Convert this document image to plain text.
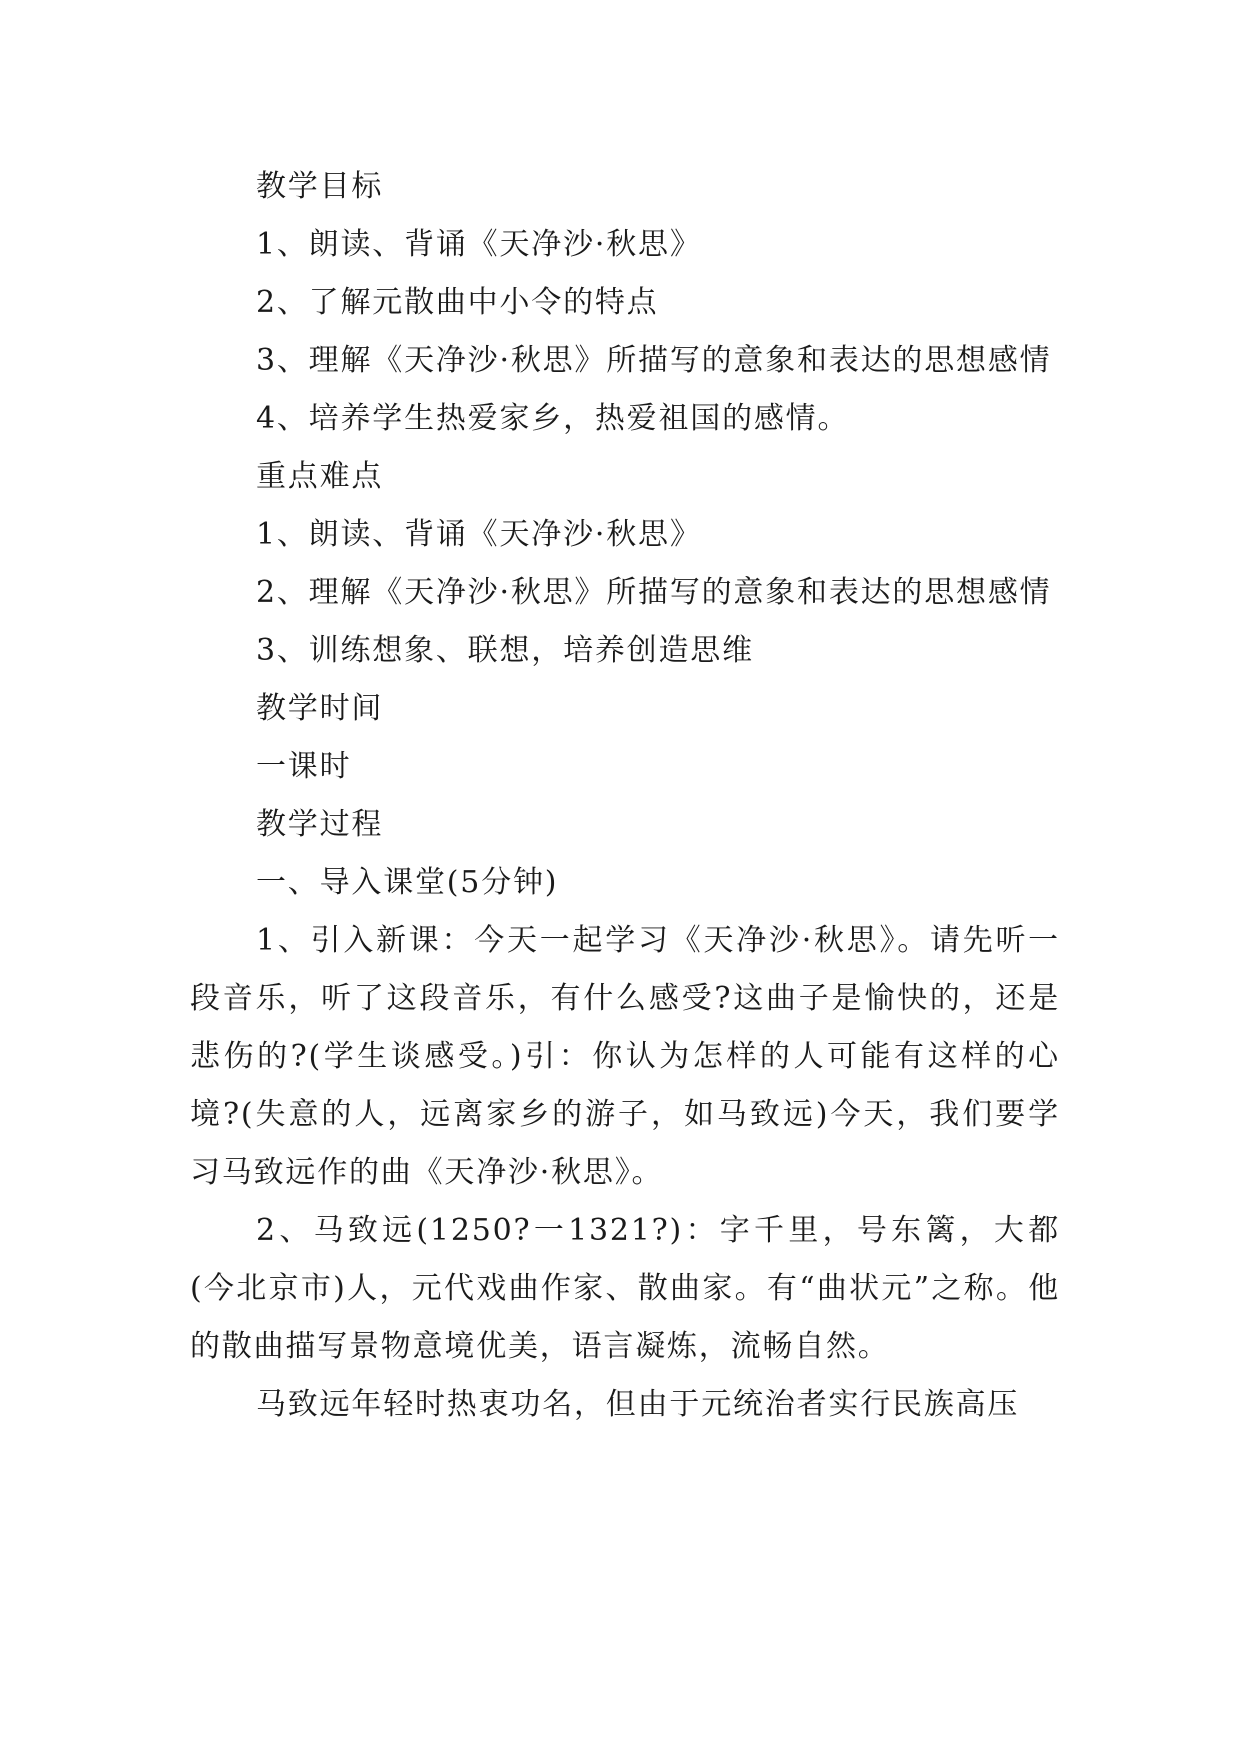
教学目标

1、朗读、背诵《天净沙·秋思》

2、了解元散曲中小令的特点

3、理解《天净沙·秋思》所描写的意象和表达的思想感情

4、培养学生热爱家乡，热爱祖国的感情。

重点难点

1、朗读、背诵《天净沙·秋思》

2、理解《天净沙·秋思》所描写的意象和表达的思想感情

3、训练想象、联想，培养创造思维

教学时间

一课时

教学过程

一、导入课堂(5分钟)

1、引入新课：今天一起学习《天净沙·秋思》。请先听一段音乐，听了这段音乐，有什么感受?这曲子是愉快的，还是悲伤的?(学生谈感受。)引：你认为怎样的人可能有这样的心境?(失意的人，远离家乡的游子，如马致远)今天，我们要学习马致远作的曲《天净沙·秋思》。

2、马致远(1250?一1321?)：字千里，号东篱，大都(今北京市)人，元代戏曲作家、散曲家。有“曲状元”之称。他的散曲描写景物意境优美，语言凝炼，流畅自然。

马致远年轻时热衷功名，但由于元统治者实行民族高压
